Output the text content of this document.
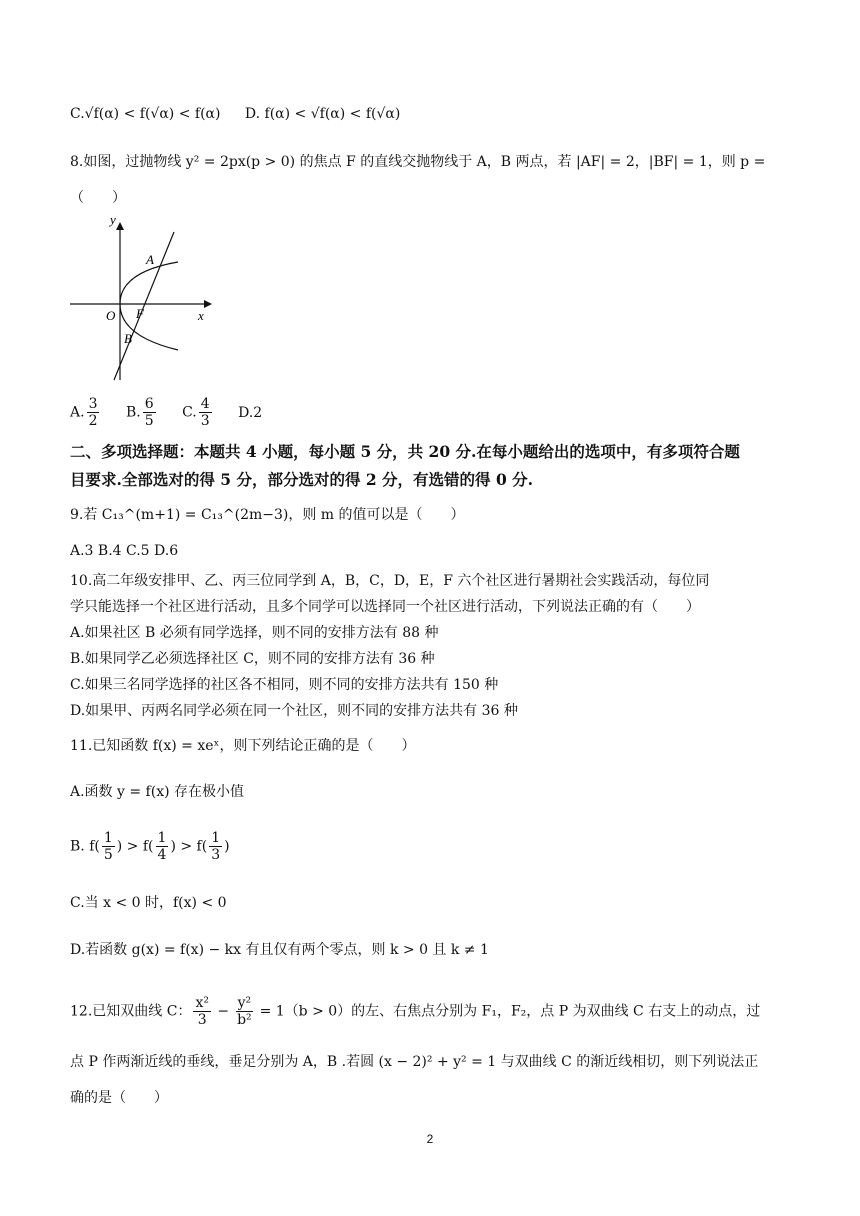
C.√f(α) < f(√α) < f(α) D. f(α) < √f(α) < f(√α)
8.如图，过抛物线 y² = 2px(p > 0) 的焦点 F 的直线交抛物线于 A，B 两点，若 |AF| = 2，|BF| = 1，则 p =
（　　）
y
x
O F
A
B
A. $\frac{3}{2} B$. $\frac{6}{5} C$. $\frac{4}{3} D.2$
二、多项选择题：本题共 4 小题，每小题 5 分，共 20 分.在每小题给出的选项中，有多项符合题
目要求.全部选对的得 5 分，部分选对的得 2 分，有选错的得 0 分.
9.若 C₁₃^(m+1) = C₁₃^(2m−3)，则 m 的值可以是（　　）
A.3 B.4 C.5 D.6
10.高二年级安排甲、乙、丙三位同学到 A，B，C，D，E，F 六个社区进行暑期社会实践活动，每位同
学只能选择一个社区进行活动，且多个同学可以选择同一个社区进行活动，下列说法正确的有（　　）
A.如果社区 B 必须有同学选择，则不同的安排方法有 88 种
B.如果同学乙必须选择社区 C，则不同的安排方法有 36 种
C.如果三名同学选择的社区各不相同，则不同的安排方法共有 150 种
D.如果甲、丙两名同学必须在同一个社区，则不同的安排方法共有 36 种
11.已知函数 f(x) = xeˣ，则下列结论正确的是（　　）
A.函数 y = f(x) 存在极小值
B. $f( \frac{1}{5}$ ) > $f( \frac{1}{4}$ ) > $f( \frac{1}{3}$ )
C.当 x < 0 时，f(x) < 0
D.若函数 g(x) = f(x) − kx 有且仅有两个零点，则 k > 0 且 k ≠ 1
12.已知双曲线 C： $\frac{\text{x²}}{3} - \frac{\text{y²}}{\text{b²}} = 1(b > 0)$的左、右焦点分别为 F₁，F₂，点 P 为双曲线 C 右支上的动点，过
点 P 作两渐近线的垂线，垂足分别为 A，B .若圆 (x − 2)² + y² = 1 与双曲线 C 的渐近线相切，则下列说法正
确的是（　　）
2
